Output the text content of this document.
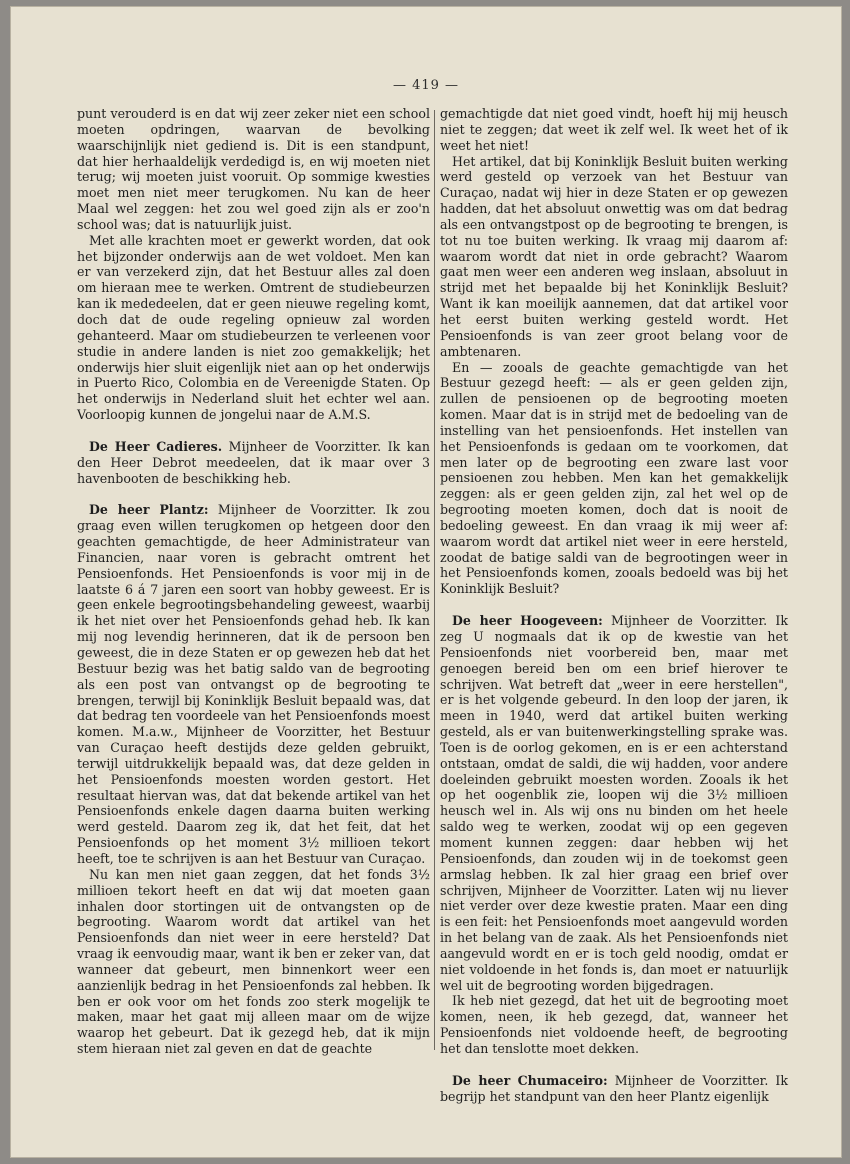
— 419 —

punt verouderd is en dat wij zeer zeker niet een school moeten opdringen, waarvan de bevolking waarschijnlijk niet gediend is. Dit is een standpunt, dat hier herhaaldelijk verdedigd is, en wij moeten niet terug; wij moeten juist vooruit. Op sommige kwesties moet men niet meer terugkomen. Nu kan de heer Maal wel zeggen: het zou wel goed zijn als er zoo'n school was; dat is natuurlijk juist.

Met alle krachten moet er gewerkt worden, dat ook het bijzonder onderwijs aan de wet voldoet. Men kan er van verzekerd zijn, dat het Bestuur alles zal doen om hieraan mee te werken. Omtrent de studiebeurzen kan ik mededeelen, dat er geen nieuwe regeling komt, doch dat de oude regeling opnieuw zal worden gehanteerd. Maar om studiebeurzen te verleenen voor studie in andere landen is niet zoo gemakkelijk; het onderwijs hier sluit eigenlijk niet aan op het onderwijs in Puerto Rico, Colombia en de Vereenigde Staten. Op het onderwijs in Nederland sluit het echter wel aan. Voorloopig kunnen de jongelui naar de A.M.S.

De Heer Cadieres. Mijnheer de Voorzitter. Ik kan den Heer Debrot meedeelen, dat ik maar over 3 havenbooten de beschikking heb.

De heer Plantz: Mijnheer de Voorzitter. Ik zou graag even willen terugkomen op hetgeen door den geachten gemachtigde, de heer Administrateur van Financien, naar voren is gebracht omtrent het Pensioenfonds. Het Pensioenfonds is voor mij in de laatste 6 á 7 jaren een soort van hobby geweest. Er is geen enkele begrootingsbehandeling geweest, waarbij ik het niet over het Pensioenfonds gehad heb. Ik kan mij nog levendig herinneren, dat ik de persoon ben geweest, die in deze Staten er op gewezen heb dat het Bestuur bezig was het batig saldo van de begrooting als een post van ontvangst op de begrooting te brengen, terwijl bij Koninklijk Besluit bepaald was, dat dat bedrag ten voordeele van het Pensioenfonds moest komen. M.a.w., Mijnheer de Voorzitter, het Bestuur van Curaçao heeft destijds deze gelden gebruikt, terwijl uitdrukkelijk bepaald was, dat deze gelden in het Pensioenfonds moesten worden gestort. Het resultaat hiervan was, dat dat bekende artikel van het Pensioenfonds enkele dagen daarna buiten werking werd gesteld. Daarom zeg ik, dat het feit, dat het Pensioenfonds op het moment 3½ millioen tekort heeft, toe te schrijven is aan het Bestuur van Curaçao.

Nu kan men niet gaan zeggen, dat het fonds 3½ millioen tekort heeft en dat wij dat moeten gaan inhalen door stortingen uit de ontvangsten op de begrooting. Waarom wordt dat artikel van het Pensioenfonds dan niet weer in eere hersteld? Dat vraag ik eenvoudig maar, want ik ben er zeker van, dat wanneer dat gebeurt, men binnenkort weer een aanzienlijk bedrag in het Pensioenfonds zal hebben. Ik ben er ook voor om het fonds zoo sterk mogelijk te maken, maar het gaat mij alleen maar om de wijze waarop het gebeurt. Dat ik gezegd heb, dat ik mijn stem hieraan niet zal geven en dat de geachte

gemachtigde dat niet goed vindt, hoeft hij mij heusch niet te zeggen; dat weet ik zelf wel. Ik weet het of ik weet het niet!

Het artikel, dat bij Koninklijk Besluit buiten werking werd gesteld op verzoek van het Bestuur van Curaçao, nadat wij hier in deze Staten er op gewezen hadden, dat het absoluut onwettig was om dat bedrag als een ontvangstpost op de begrooting te brengen, is tot nu toe buiten werking. Ik vraag mij daarom af: waarom wordt dat niet in orde gebracht? Waarom gaat men weer een anderen weg inslaan, absoluut in strijd met het bepaalde bij het Koninklijk Besluit? Want ik kan moeilijk aannemen, dat dat artikel voor het eerst buiten werking gesteld wordt. Het Pensioenfonds is van zeer groot belang voor de ambtenaren.

En — zooals de geachte gemachtigde van het Bestuur gezegd heeft: — als er geen gelden zijn, zullen de pensioenen op de begrooting moeten komen. Maar dat is in strijd met de bedoeling van de instelling van het pensioenfonds. Het instellen van het Pensioenfonds is gedaan om te voorkomen, dat men later op de begrooting een zware last voor pensioenen zou hebben. Men kan het gemakkelijk zeggen: als er geen gelden zijn, zal het wel op de begrooting moeten komen, doch dat is nooit de bedoeling geweest. En dan vraag ik mij weer af: waarom wordt dat artikel niet weer in eere hersteld, zoodat de batige saldi van de begrootingen weer in het Pensioenfonds komen, zooals bedoeld was bij het Koninklijk Besluit?

De heer Hoogeveen: Mijnheer de Voorzitter. Ik zeg U nogmaals dat ik op de kwestie van het Pensioenfonds niet voorbereid ben, maar met genoegen bereid ben om een brief hierover te schrijven. Wat betreft dat „weer in eere herstellen", er is het volgende gebeurd. In den loop der jaren, ik meen in 1940, werd dat artikel buiten werking gesteld, als er van buitenwerkingstelling sprake was. Toen is de oorlog gekomen, en is er een achterstand ontstaan, omdat de saldi, die wij hadden, voor andere doeleinden gebruikt moesten worden. Zooals ik het op het oogenblik zie, loopen wij die 3½ millioen heusch wel in. Als wij ons nu binden om het heele saldo weg te werken, zoodat wij op een gegeven moment kunnen zeggen: daar hebben wij het Pensioenfonds, dan zouden wij in de toekomst geen armslag hebben. Ik zal hier graag een brief over schrijven, Mijnheer de Voorzitter. Laten wij nu liever niet verder over deze kwestie praten. Maar een ding is een feit: het Pensioenfonds moet aangevuld worden in het belang van de zaak. Als het Pensioenfonds niet aangevuld wordt en er is toch geld noodig, omdat er niet voldoende in het fonds is, dan moet er natuurlijk wel uit de begrooting worden bijgedragen.

Ik heb niet gezegd, dat het uit de begrooting moet komen, neen, ik heb gezegd, dat, wanneer het Pensioenfonds niet voldoende heeft, de begrooting het dan tenslotte moet dekken.

De heer Chumaceiro: Mijnheer de Voorzitter. Ik begrijp het standpunt van den heer Plantz eigenlijk
